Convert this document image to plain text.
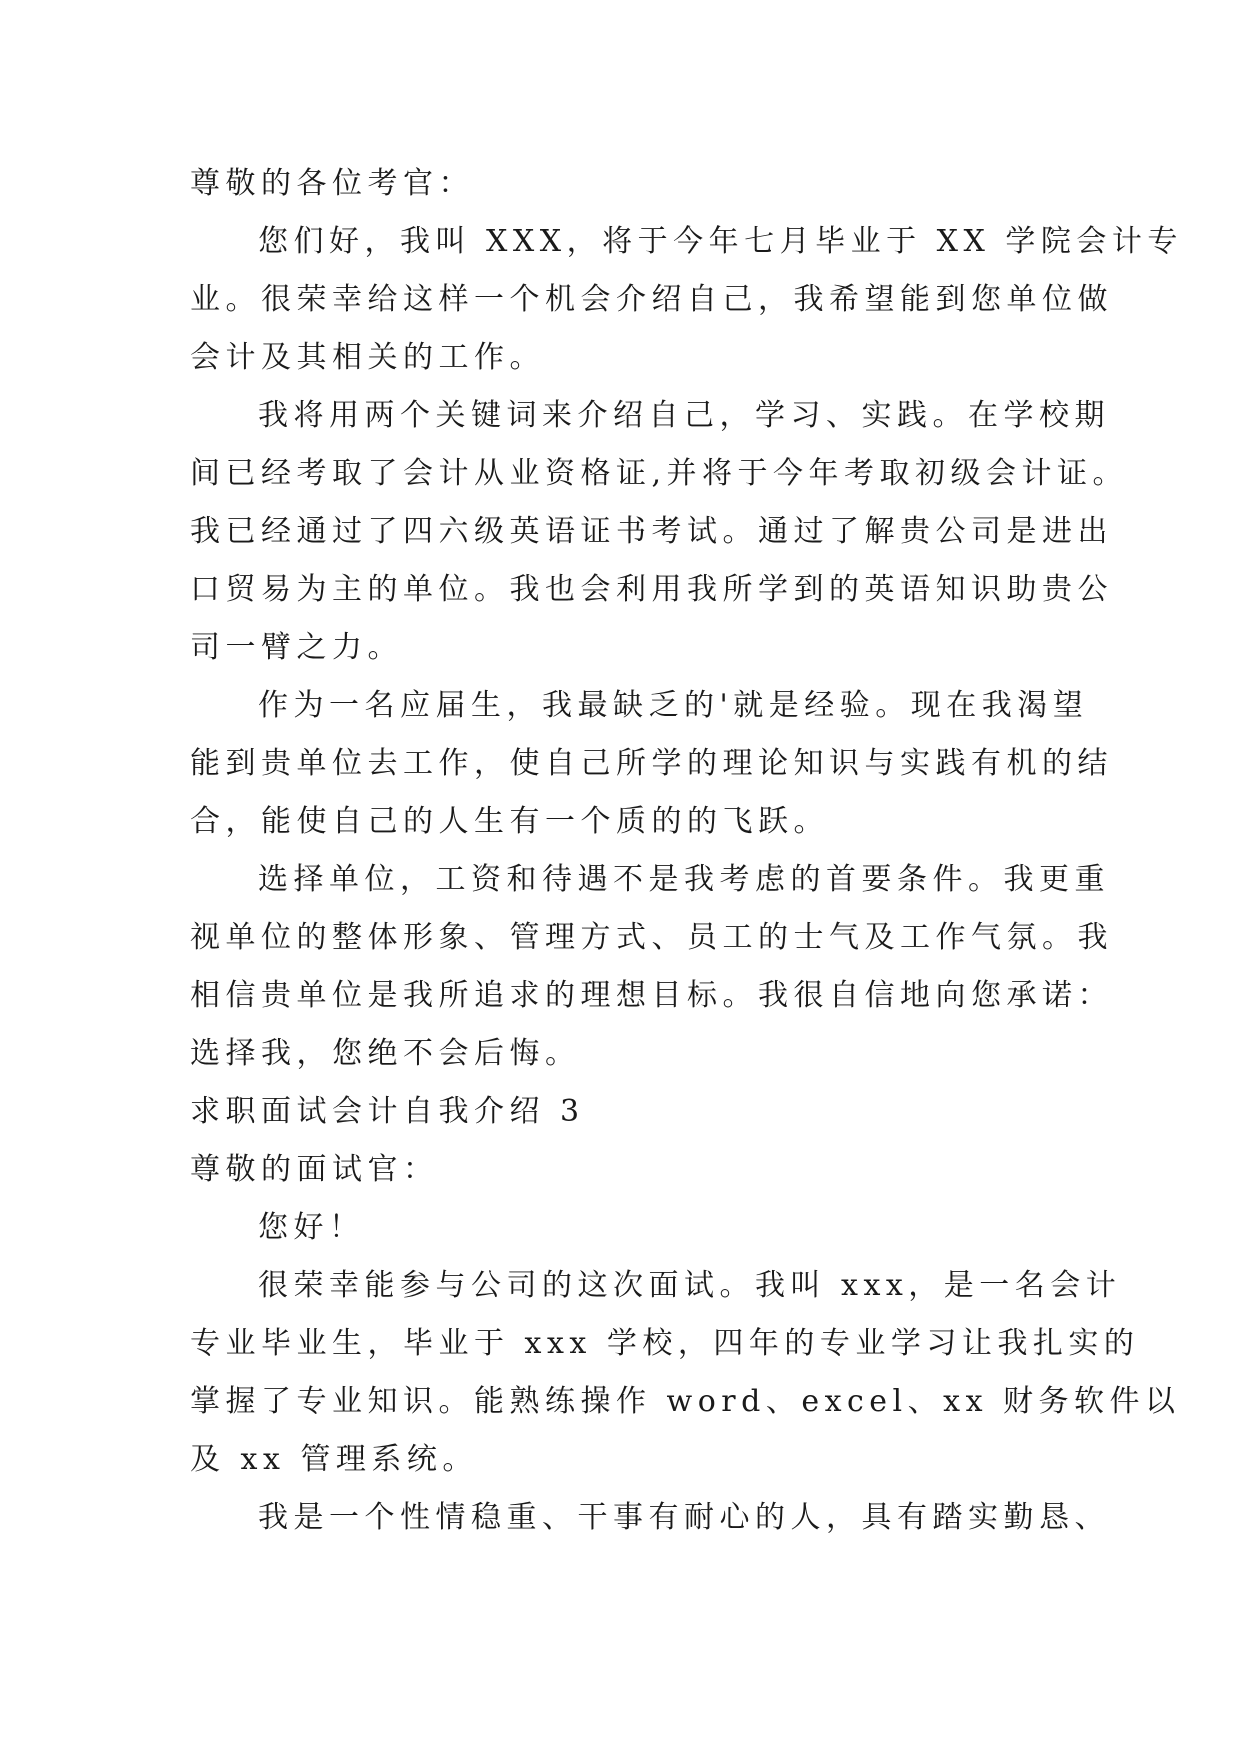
尊敬的各位考官：
您们好，我叫 XXX，将于今年七月毕业于 XX 学院会计专
业。很荣幸给这样一个机会介绍自己，我希望能到您单位做
会计及其相关的工作。
我将用两个关键词来介绍自己，学习、实践。在学校期
间已经考取了会计从业资格证,并将于今年考取初级会计证。
我已经通过了四六级英语证书考试。通过了解贵公司是进出
口贸易为主的单位。我也会利用我所学到的英语知识助贵公
司一臂之力。
作为一名应届生，我最缺乏的'就是经验。现在我渴望
能到贵单位去工作，使自己所学的理论知识与实践有机的结
合，能使自己的人生有一个质的的飞跃。
选择单位，工资和待遇不是我考虑的首要条件。我更重
视单位的整体形象、管理方式、员工的士气及工作气氛。我
相信贵单位是我所追求的理想目标。我很自信地向您承诺：
选择我，您绝不会后悔。
求职面试会计自我介绍 3
尊敬的面试官：
您好！
很荣幸能参与公司的这次面试。我叫 xxx，是一名会计
专业毕业生，毕业于 xxx 学校，四年的专业学习让我扎实的
掌握了专业知识。能熟练操作 word、excel、xx 财务软件以
及 xx 管理系统。
我是一个性情稳重、干事有耐心的人，具有踏实勤恳、
